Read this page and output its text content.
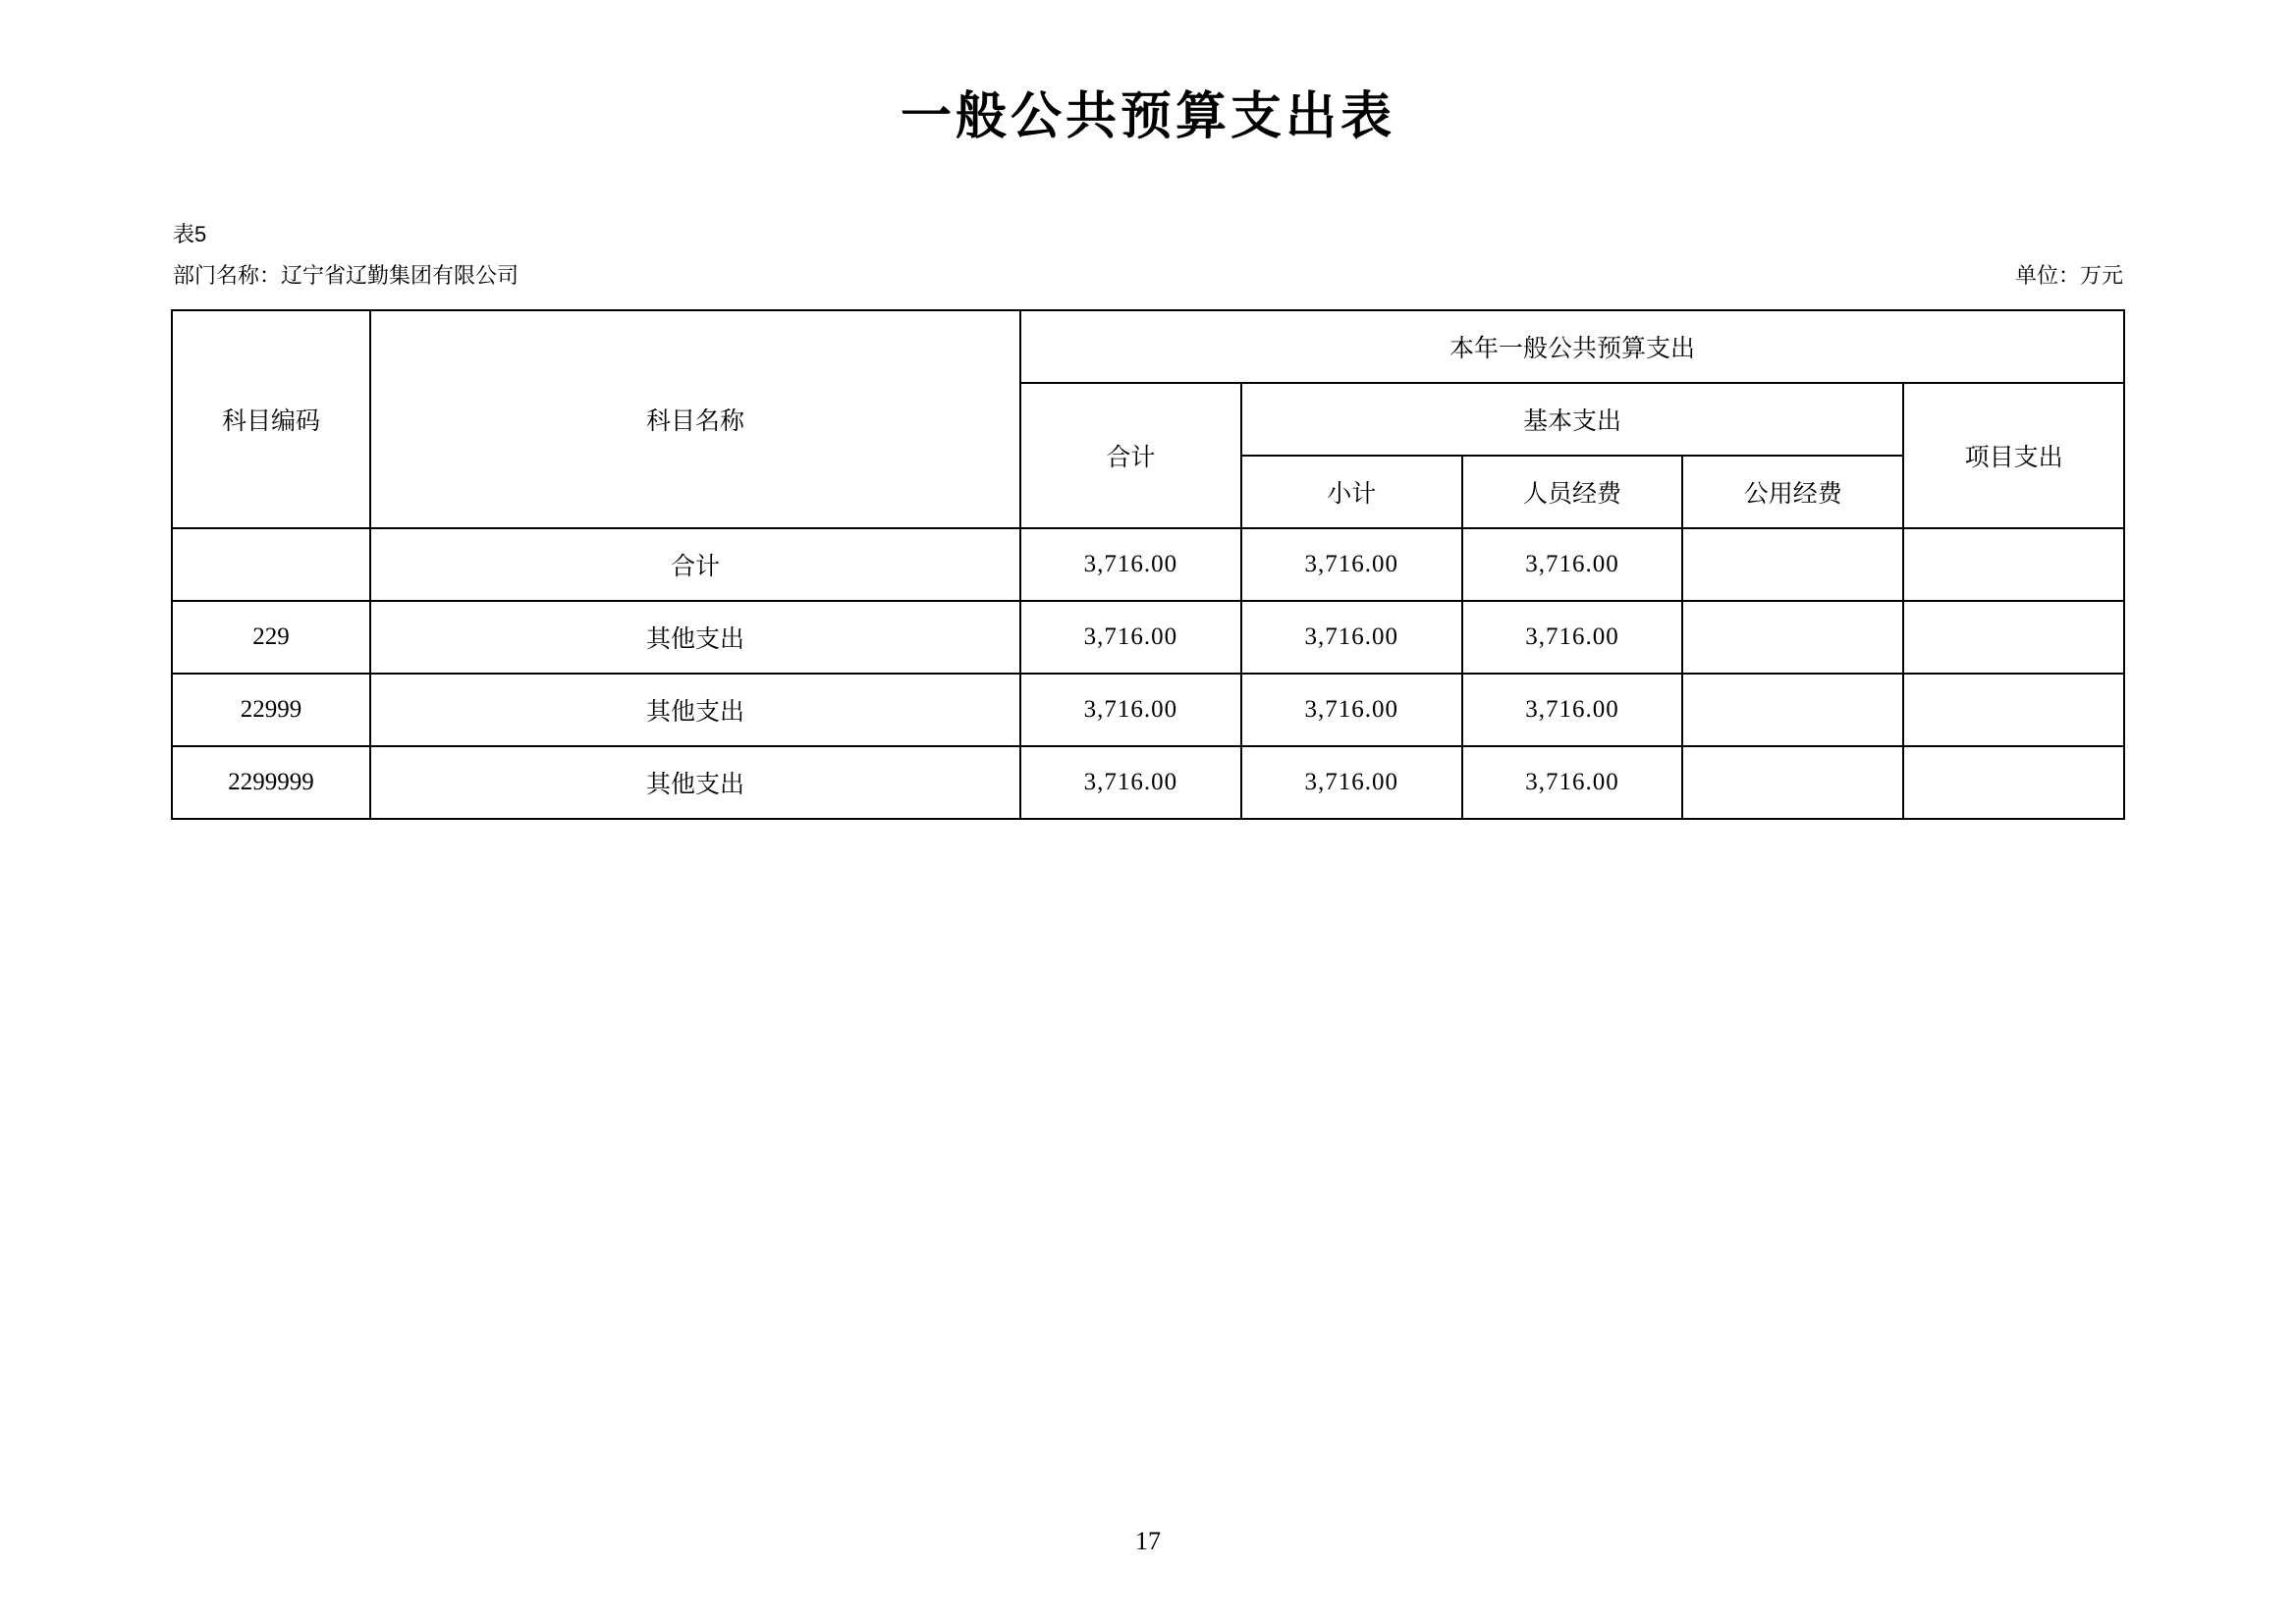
一般公共预算支出表
表5
部门名称：辽宁省辽勤集团有限公司	单位：万元
科目编码	科目名称	本年一般公共预算支出				
		合计	基本支出			项目支出
			小计	人员经费	公用经费	
	合计	3,716.00	3,716.00	3,716.00		
229	其他支出	3,716.00	3,716.00	3,716.00		
22999	其他支出	3,716.00	3,716.00	3,716.00		
2299999	其他支出	3,716.00	3,716.00	3,716.00		
17
